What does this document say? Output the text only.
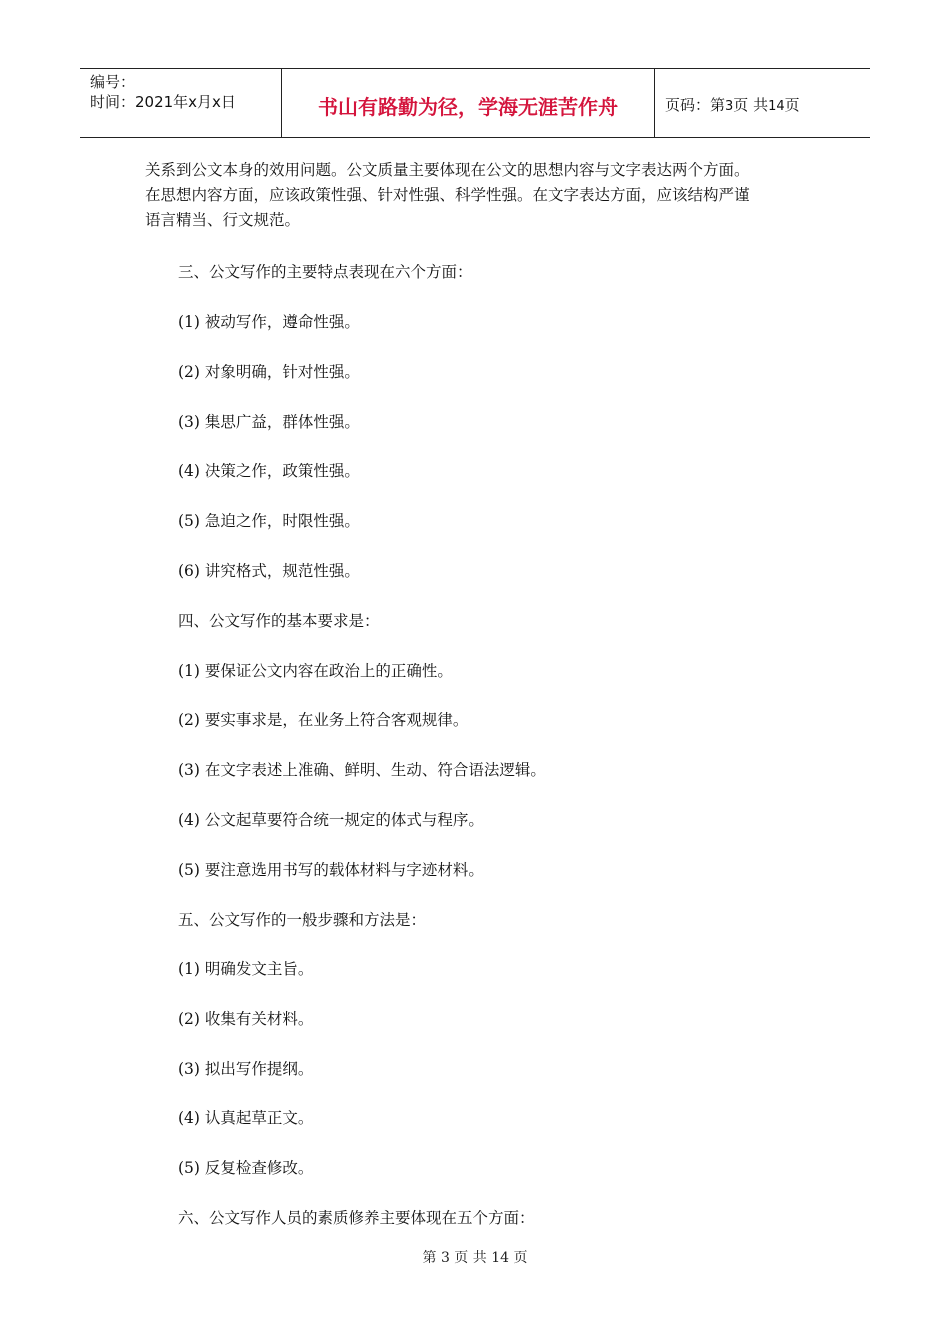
编号：
时间：2021年x月x日	书山有路勤为径，学海无涯苦作舟	页码：第3页 共14页
关系到公文本身的效用问题。公文质量主要体现在公文的思想内容与文字表达两个方面。
在思想内容方面，应该政策性强、针对性强、科学性强。在文字表达方面，应该结构严谨
语言精当、行文规范。
三、公文写作的主要特点表现在六个方面：
(1) 被动写作，遵命性强。
(2) 对象明确，针对性强。
(3) 集思广益，群体性强。
(4) 决策之作，政策性强。
(5) 急迫之作，时限性强。
(6) 讲究格式，规范性强。
四、公文写作的基本要求是：
(1) 要保证公文内容在政治上的正确性。
(2) 要实事求是，在业务上符合客观规律。
(3) 在文字表述上准确、鲜明、生动、符合语法逻辑。
(4) 公文起草要符合统一规定的体式与程序。
(5) 要注意选用书写的载体材料与字迹材料。
五、公文写作的一般步骤和方法是：
(1) 明确发文主旨。
(2) 收集有关材料。
(3) 拟出写作提纲。
(4) 认真起草正文。
(5) 反复检查修改。
六、公文写作人员的素质修养主要体现在五个方面：
第 3 页 共 14 页
